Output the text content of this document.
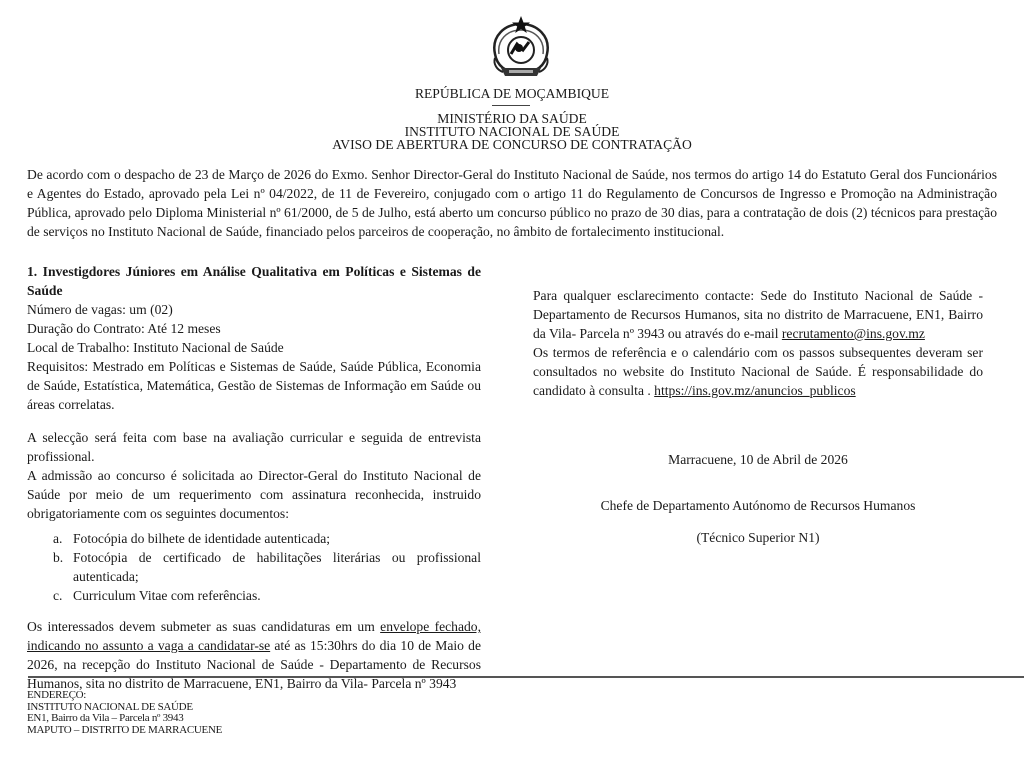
REPÚBLICA DE MOÇAMBIQUE
MINISTÉRIO DA SAÚDE
INSTITUTO NACIONAL DE SAÚDE
AVISO DE ABERTURA DE CONCURSO DE CONTRATAÇÃO

De acordo com o despacho de 23 de Março de 2026 do Exmo. Senhor Director-Geral do Instituto Nacional de Saúde, nos termos do artigo 14 do Estatuto Geral dos Funcionários e Agentes do Estado, aprovado pela Lei nº 04/2022, de 11 de Fevereiro, conjugado com o artigo 11 do Regulamento de Concursos de Ingresso e Promoção na Administração Pública, aprovado pelo Diploma Ministerial nº 61/2000, de 5 de Julho, está aberto um concurso público no prazo de 30 dias, para a contratação de dois (2) técnicos para prestação de serviços no Instituto Nacional de Saúde, financiado pelos parceiros de cooperação, no âmbito de fortalecimento institucional.

1. Investigdores Júniores em Análise Qualitativa em Políticas e Sistemas de Saúde

Número de vagas: um (02)

Duração do Contrato: Até 12 meses

Local de Trabalho: Instituto Nacional de Saúde

Requisitos: Mestrado em Políticas e Sistemas de Saúde, Saúde Pública, Economia de Saúde, Estatística, Matemática, Gestão de Sistemas de Informação em Saúde ou áreas correlatas.

A selecção será feita com base na avaliação curricular e seguida de entrevista profissional.

A admissão ao concurso é solicitada ao Director-Geral do Instituto Nacional de Saúde por meio de um requerimento com assinatura reconhecida, instruido obrigatoriamente com os seguintes documentos:

a. Fotocópia do bilhete de identidade autenticada;
b. Fotocópia de certificado de habilitações literárias ou profissional autenticada;
c. Curriculum Vitae com referências.

Os interessados devem submeter as suas candidaturas em um envelope fechado, indicando no assunto a vaga a candidatar-se até as 15:30hrs do dia 10 de Maio de 2026, na recepção do Instituto Nacional de Saúde - Departamento de Recursos Humanos, sita no distrito de Marracuene, EN1, Bairro da Vila- Parcela nº 3943

Para qualquer esclarecimento contacte: Sede do Instituto Nacional de Saúde - Departamento de Recursos Humanos, sita no distrito de Marracuene, EN1, Bairro da Vila- Parcela nº 3943 ou através do e-mail recrutamento@ins.gov.mz

Os termos de referência e o calendário com os passos subsequentes deveram ser consultados no website do Instituto Nacional de Saúde. É responsabilidade do candidato à consulta . https://ins.gov.mz/anuncios_publicos

Marracuene, 10 de Abril de 2026
Chefe de Departamento Autónomo de Recursos Humanos
(Técnico Superior N1)
ENDEREÇO:
INSTITUTO NACIONAL DE SAÚDE
EN1, Bairro da Vila – Parcela nº 3943
MAPUTO – DISTRITO DE MARRACUENE
